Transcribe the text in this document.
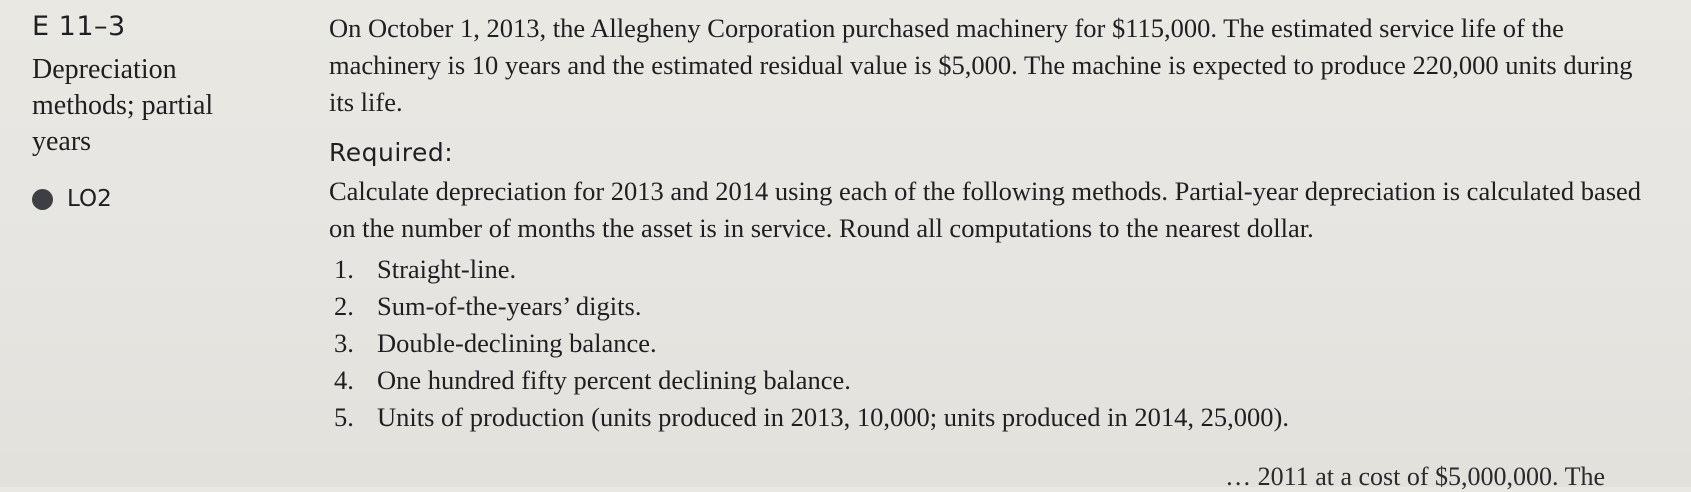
E 11–3

Depreciation

methods; partial

years

LO2

On October 1, 2013, the Allegheny Corporation purchased machinery for $115,000. The estimated service life of the machinery is 10 years and the estimated residual value is $5,000. The machine is expected to produce 220,000 units during its life.

Required:

Calculate depreciation for 2013 and 2014 using each of the following methods. Partial-year depreciation is calculated based on the number of months the asset is in service. Round all computations to the nearest dollar.

1. Straight-line.
2. Sum-of-the-years’ digits.
3. Double-declining balance.
4. One hundred fifty percent declining balance.
5. Units of production (units produced in 2013, 10,000; units produced in 2014, 25,000).
… 2011 at a cost of $5,000,000. The
